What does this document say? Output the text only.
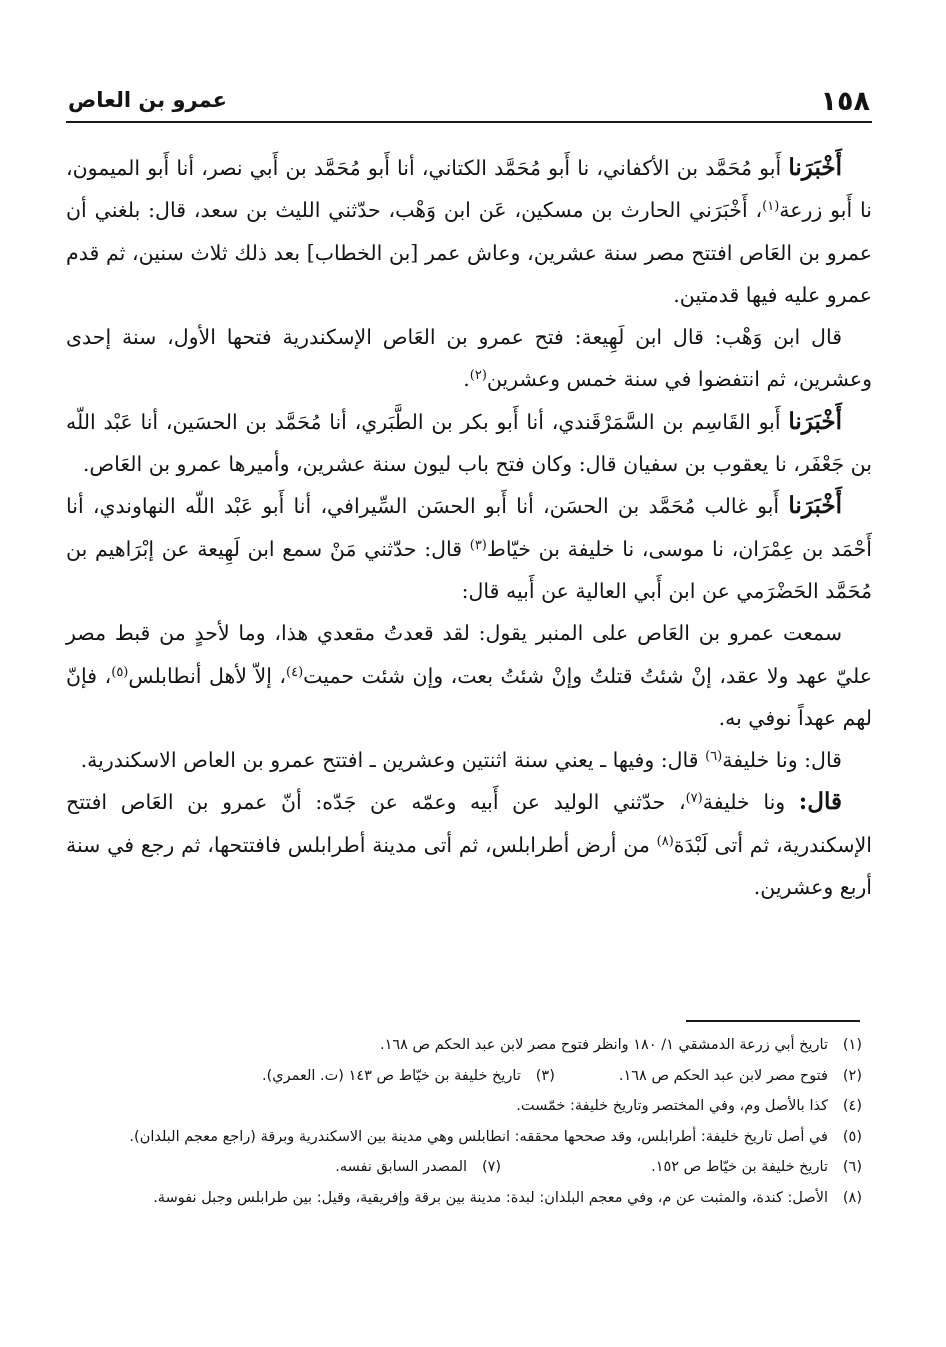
١٥٨
عمرو بن العاص

أَخْبَرَنا أَبو مُحَمَّد بن الأكفاني، نا أَبو مُحَمَّد الكتاني، أنا أَبو مُحَمَّد بن أَبي نصر، أنا أَبو الميمون، نا أَبو زرعة$^{(١)}$، أَخْبَرَني الحارث بن مسكين، عَن ابن وَهْب، حدّثني الليث بن سعد، قال: بلغني أن عمرو بن العَاص افتتح مصر سنة عشرين، وعاش عمر [بن الخطاب] بعد ذلك ثلاث سنين، ثم قدم عمرو عليه فيها قدمتين.

قال ابن وَهْب: قال ابن لَهِيعة: فتح عمرو بن العَاص الإسكندرية فتحها الأول، سنة إحدى وعشرين، ثم انتفضوا في سنة خمس وعشرين$^{(٢)}$.

أَخْبَرَنا أَبو القَاسِم بن السَّمَرْقَندي، أنا أَبو بكر بن الطَّبَري، أنا مُحَمَّد بن الحسَين، أنا عَبْد اللّه بن جَعْفَر، نا يعقوب بن سفيان قال: وكان فتح باب ليون سنة عشرين، وأميرها عمرو بن العَاص.

أَخْبَرَنا أَبو غالب مُحَمَّد بن الحسَن، أنا أَبو الحسَن السِّيرافي، أنا أَبو عَبْد اللّه النهاوندي، أنا أَحْمَد بن عِمْرَان، نا موسى، نا خليفة بن خيّاط$^{(٣)}$ قال: حدّثني مَنْ سمع ابن لَهِيعة عن إبْرَاهيم بن مُحَمَّد الحَضْرَمي عن ابن أَبي العالية عن أَبيه قال:

سمعت عمرو بن العَاص على المنبر يقول: لقد قعدتُ مقعدي هذا، وما لأحدٍ من قبط مصر عليّ عهد ولا عقد، إنْ شئتُ قتلتُ وإنْ شئتُ بعت، وإن شئت حميت$^{(٤)}$، إلاّ لأهل أنطابلس$^{(٥)}$، فإنّ لهم عهداً نوفي به.

قال: ونا خليفة$^{(٦)}$ قال: وفيها ـ يعني سنة اثنتين وعشرين ـ افتتح عمرو بن العاص الاسكندرية.

قال: ونا خليفة$^{(٧)}$، حدّثني الوليد عن أَبيه وعمّه عن جَدّه: أنّ عمرو بن العَاص افتتح الإسكندرية، ثم أتى لَبْدَة$^{(٨)}$ من أرض أطرابلس، ثم أتى مدينة أطرابلس فافتتحها، ثم رجع في سنة أربع وعشرين.

(١)
تاريخ أبي زرعة الدمشقي ١/ ١٨٠ وانظر فتوح مصر لابن عبد الحكم ص ١٦٨.
(٢)
فتوح مصر لابن عبد الحكم ص ١٦٨.
(٣)
تاريخ خليفة بن خيّاط ص ١٤٣ (ت. العمري).
(٤)
كذا بالأصل وم، وفي المختصر وتاريخ خليفة: خمّست.
(٥)
في أصل تاريخ خليفة: أطرابلس، وقد صححها محققه: انطابلس وهي مدينة بين الاسكندرية وبرقة (راجع معجم البلدان).
(٦)
تاريخ خليفة بن خيّاط ص ١٥٢.
(٧)
المصدر السابق نفسه.
(٨)
الأصل: كندة، والمثبت عن م، وفي معجم البلدان: لبدة: مدينة بين برقة وإفريقية، وقيل: بين طرابلس وجبل نفوسة.
